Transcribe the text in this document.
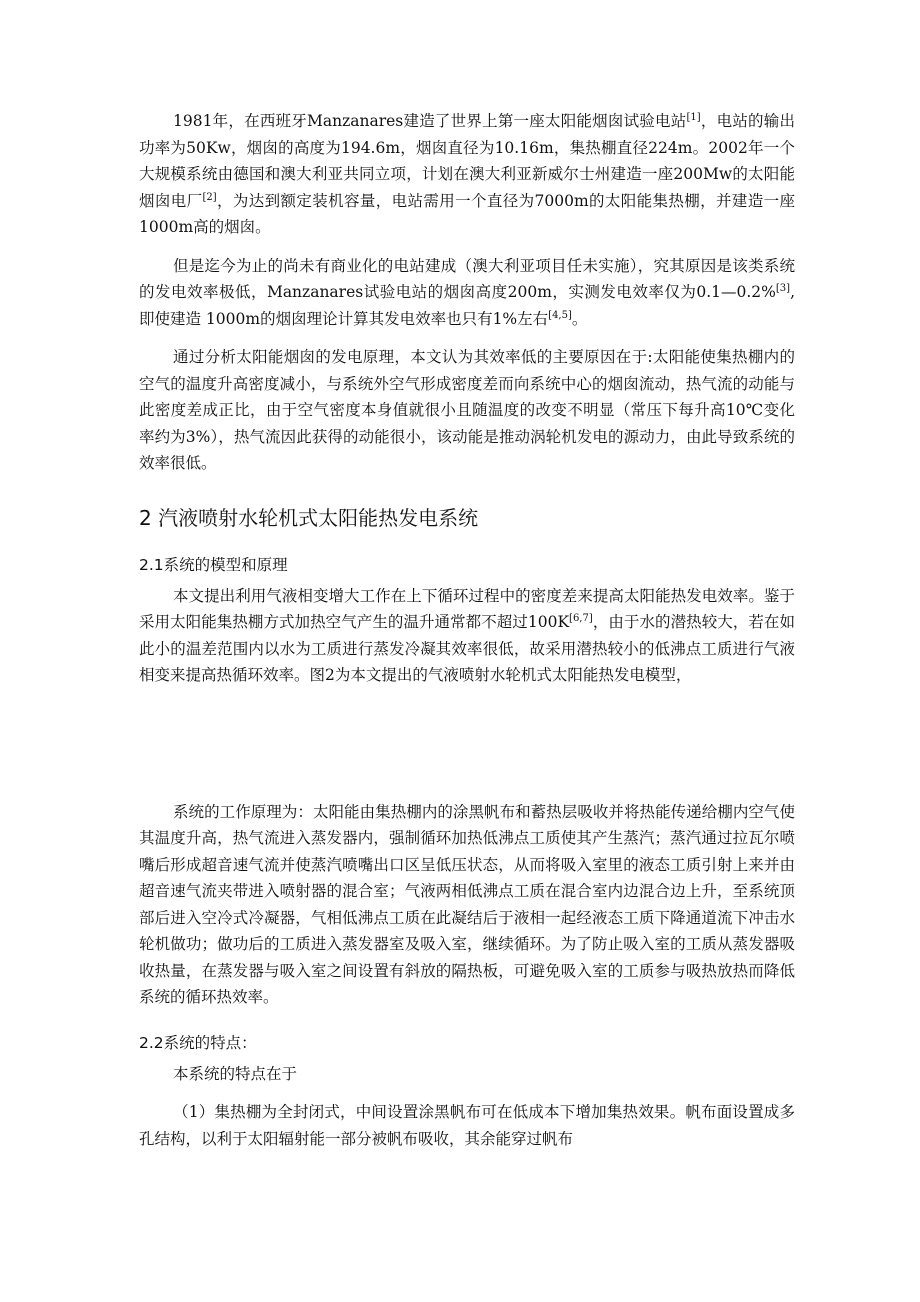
1981年，在西班牙Manzanares建造了世界上第一座太阳能烟囱试验电站[1]，电站的输出功率为50Kw，烟囱的高度为194.6m，烟囱直径为10.16m，集热棚直径224m。2002年一个大规模系统由德国和澳大利亚共同立项，计划在澳大利亚新威尔士州建造一座200Mw的太阳能烟囱电厂[2]，为达到额定装机容量，电站需用一个直径为7000m的太阳能集热棚，并建造一座1000m高的烟囱。

但是迄今为止的尚未有商业化的电站建成（澳大利亚项目任未实施），究其原因是该类系统的发电效率极低，Manzanares试验电站的烟囱高度200m，实测发电效率仅为0.1—0.2%[3],即使建造 1000m的烟囱理论计算其发电效率也只有1%左右[4,5]。

通过分析太阳能烟囱的发电原理，本文认为其效率低的主要原因在于:太阳能使集热棚内的空气的温度升高密度减小，与系统外空气形成密度差而向系统中心的烟囱流动，热气流的动能与此密度差成正比，由于空气密度本身值就很小且随温度的改变不明显（常压下每升高10℃变化率约为3%），热气流因此获得的动能很小，该动能是推动涡轮机发电的源动力，由此导致系统的效率很低。

2 汽液喷射水轮机式太阳能热发电系统
2.1系统的模型和原理

本文提出利用气液相变增大工作在上下循环过程中的密度差来提高太阳能热发电效率。鉴于采用太阳能集热棚方式加热空气产生的温升通常都不超过100K[6,7]，由于水的潜热较大，若在如此小的温差范围内以水为工质进行蒸发冷凝其效率很低，故采用潜热较小的低沸点工质进行气液相变来提高热循环效率。图2为本文提出的气液喷射水轮机式太阳能热发电模型，

系统的工作原理为：太阳能由集热棚内的涂黑帆布和蓄热层吸收并将热能传递给棚内空气使其温度升高，热气流进入蒸发器内，强制循环加热低沸点工质使其产生蒸汽；蒸汽通过拉瓦尔喷嘴后形成超音速气流并使蒸汽喷嘴出口区呈低压状态，从而将吸入室里的液态工质引射上来并由超音速气流夹带进入喷射器的混合室；气液两相低沸点工质在混合室内边混合边上升，至系统顶部后进入空冷式冷凝器，气相低沸点工质在此凝结后于液相一起经液态工质下降通道流下冲击水轮机做功；做功后的工质进入蒸发器室及吸入室，继续循环。为了防止吸入室的工质从蒸发器吸收热量，在蒸发器与吸入室之间设置有斜放的隔热板，可避免吸入室的工质参与吸热放热而降低系统的循环热效率。

2.2系统的特点：

本系统的特点在于

（1）集热棚为全封闭式，中间设置涂黑帆布可在低成本下增加集热效果。帆布面设置成多孔结构，以利于太阳辐射能一部分被帆布吸收，其余能穿过帆布
